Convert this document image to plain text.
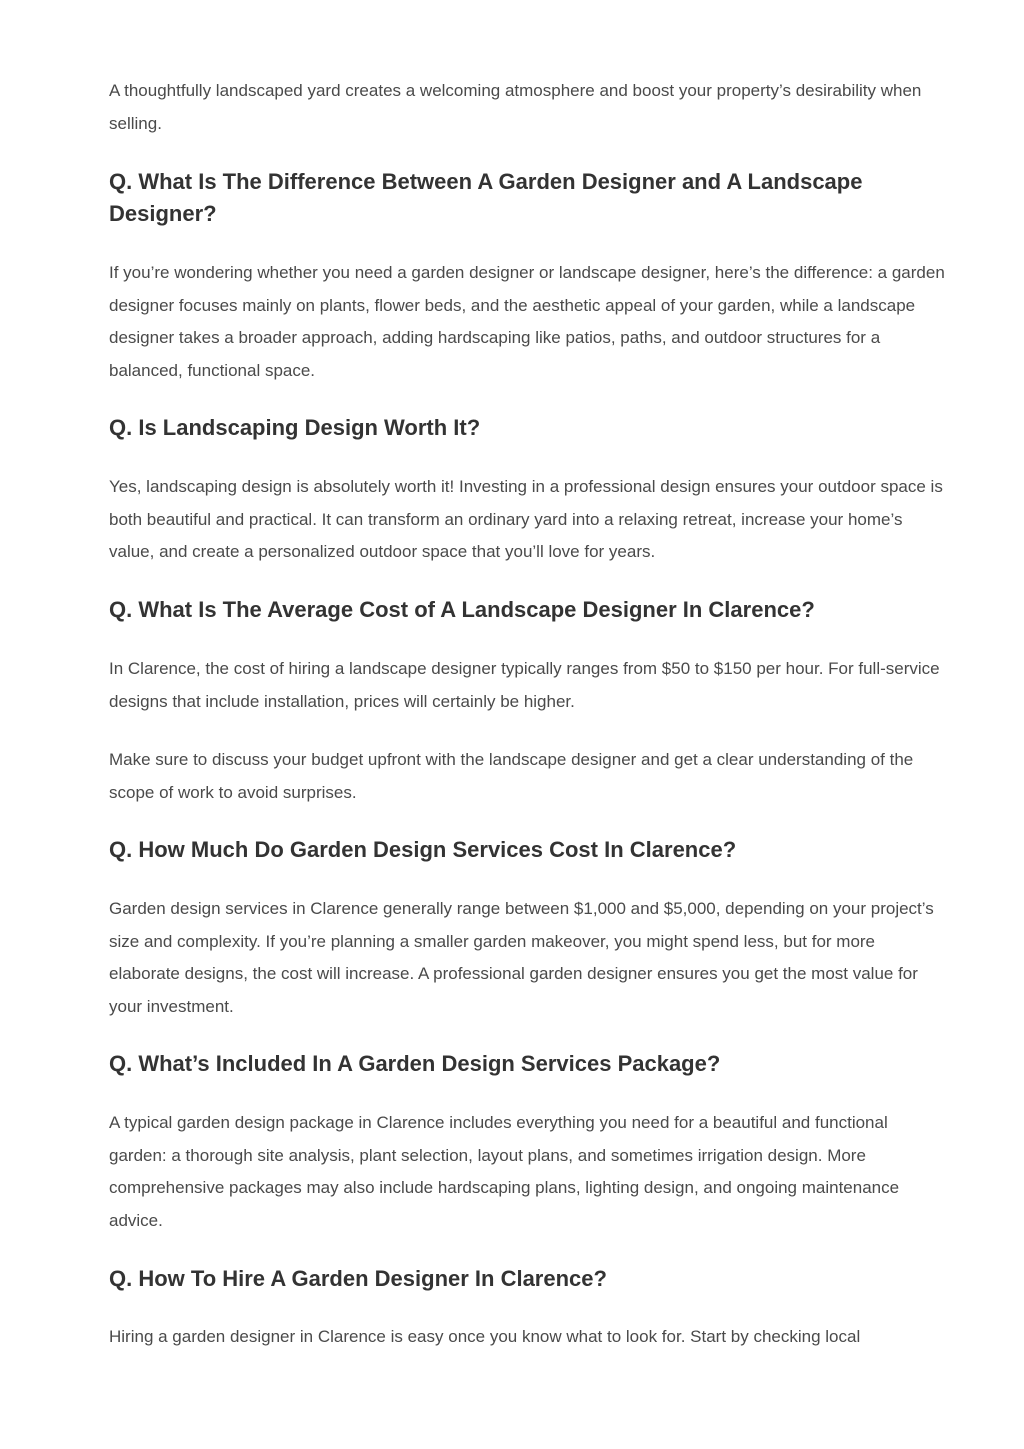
A thoughtfully landscaped yard creates a welcoming atmosphere and boost your property’s desirability when selling.

Q. What Is The Difference Between A Garden Designer and A Landscape Designer?

If you’re wondering whether you need a garden designer or landscape designer, here’s the difference: a garden designer focuses mainly on plants, flower beds, and the aesthetic appeal of your garden, while a landscape designer takes a broader approach, adding hardscaping like patios, paths, and outdoor structures for a balanced, functional space.

Q. Is Landscaping Design Worth It?

Yes, landscaping design is absolutely worth it! Investing in a professional design ensures your outdoor space is both beautiful and practical. It can transform an ordinary yard into a relaxing retreat, increase your home’s value, and create a personalized outdoor space that you’ll love for years.

Q. What Is The Average Cost of A Landscape Designer In Clarence?

In Clarence, the cost of hiring a landscape designer typically ranges from $50 to $150 per hour. For full-service designs that include installation, prices will certainly be higher.

Make sure to discuss your budget upfront with the landscape designer and get a clear understanding of the scope of work to avoid surprises.

Q. How Much Do Garden Design Services Cost In Clarence?

Garden design services in Clarence generally range between $1,000 and $5,000, depending on your project’s size and complexity. If you’re planning a smaller garden makeover, you might spend less, but for more elaborate designs, the cost will increase. A professional garden designer ensures you get the most value for your investment.

Q. What’s Included In A Garden Design Services Package?

A typical garden design package in Clarence includes everything you need for a beautiful and functional garden: a thorough site analysis, plant selection, layout plans, and sometimes irrigation design. More comprehensive packages may also include hardscaping plans, lighting design, and ongoing maintenance advice.

Q. How To Hire A Garden Designer In Clarence?

Hiring a garden designer in Clarence is easy once you know what to look for. Start by checking local
